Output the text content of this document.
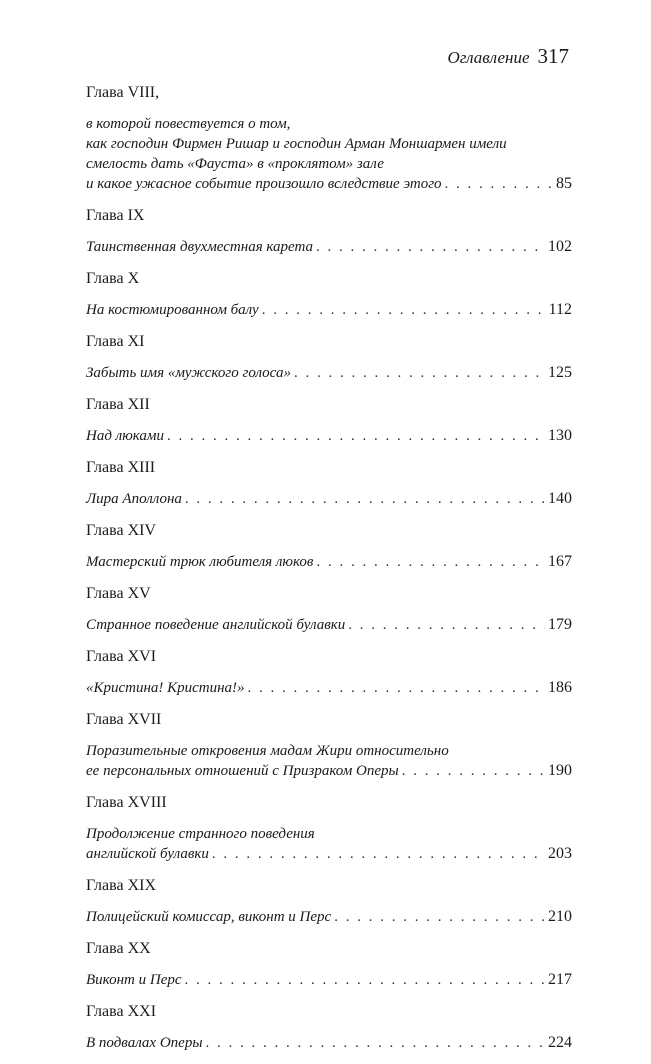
Оглавление 317
Глава VIII,
в которой повествуется о том,
как господин Фирмен Ришар и господин Арман Моншармен имели
смелость дать «Фауста» в «проклятом» зале
и какое ужасное событие произошло вследствие этого . . .	85
Глава IX
Таинственная двухместная карета . . .	102
Глава X
На костюмированном балу . . .	112
Глава XI
Забыть имя «мужского голоса» . . .	125
Глава XII
Над люками . . .	130
Глава XIII
Лира Аполлона . . .	140
Глава XIV
Мастерский трюк любителя люков . . .	167
Глава XV
Странное поведение английской булавки . . .	179
Глава XVI
«Кристина! Кристина!» . . .	186
Глава XVII
Поразительные откровения мадам Жири относительно
ее персональных отношений с Призраком Оперы . . .	190
Глава XVIII
Продолжение странного поведения
английской булавки . . .	203
Глава XIX
Полицейский комиссар, виконт и Перс . . .	210
Глава XX
Виконт и Перс . . .	217
Глава XXI
В подвалах Оперы . . .	224
